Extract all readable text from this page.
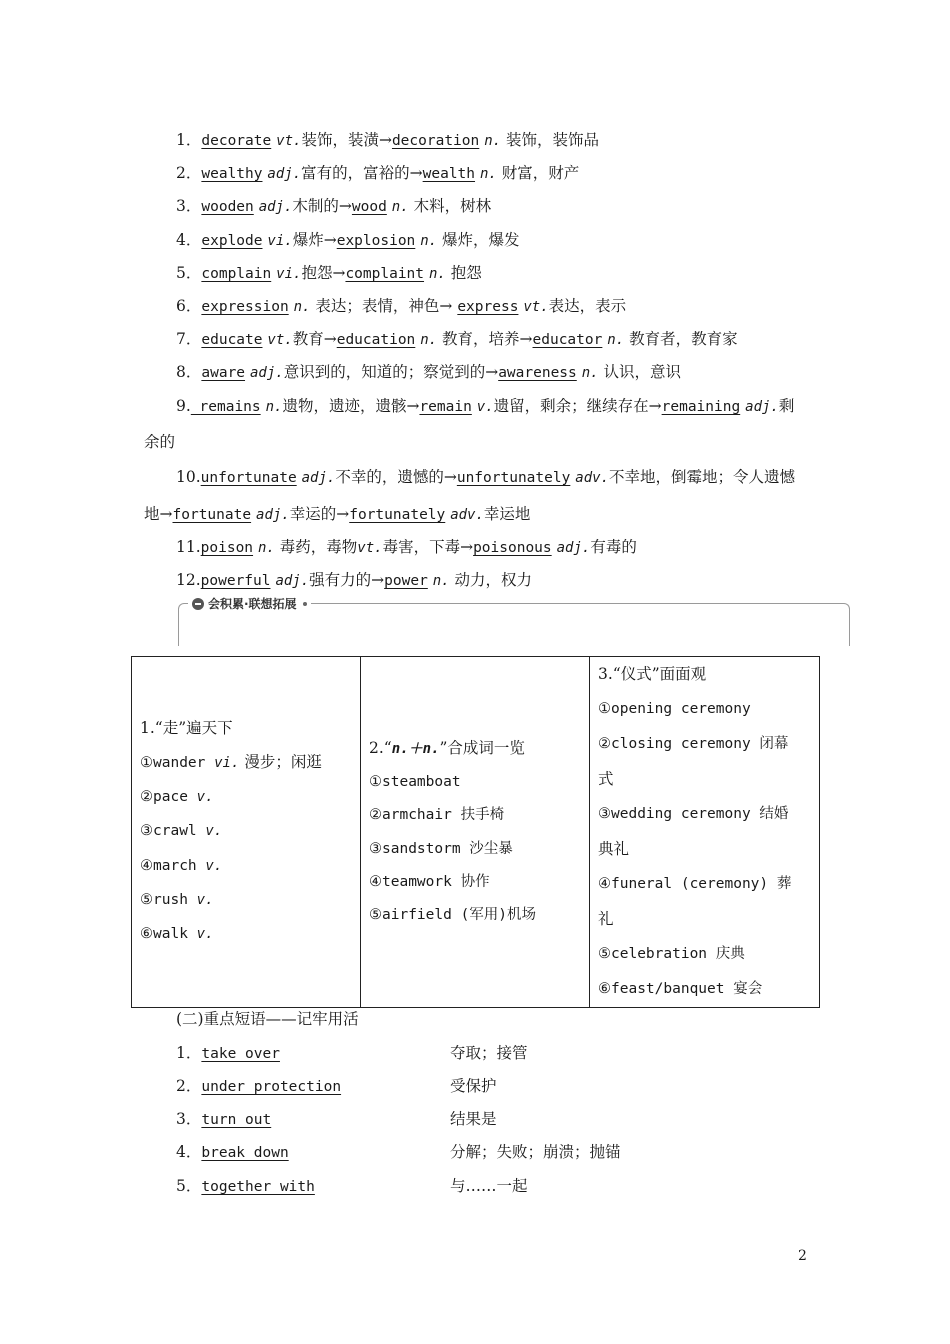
1．decorate vt.装饰，装潢→decoration n. 装饰，装饰品
2．wealthy adj.富有的，富裕的→wealth n. 财富，财产
3．wooden adj.木制的→wood n. 木料，树林
4．explode vi.爆炸→explosion n. 爆炸，爆发
5．complain vi.抱怨→complaint n. 抱怨
6．expression n. 表达；表情，神色→ express vt.表达，表示
7．educate vt.教育→education n. 教育，培养→educator n. 教育者，教育家
8．aware adj.意识到的，知道的；察觉到的→awareness n. 认识，意识
9. remains n.遗物，遗迹，遗骸→remain v.遗留，剩余；继续存在→remaining adj.剩
余的
10.unfortunate adj.不幸的，遗憾的→unfortunately adv.不幸地，倒霉地；令人遗憾
地→fortunate adj.幸运的→fortunately adv.幸运地
11.poison n. 毒药，毒物vt.毒害，下毒→poisonous adj.有毒的
12.powerful adj.强有力的→power n. 动力，权力
会积累·联想拓展
1.“走”遍天下
①wander vi. 漫步；闲逛
②pace v.
③crawl v.
④march v.
⑤rush v.
⑥walk v.

2.“n.＋n.”合成词一览
①steamboat
②armchair 扶手椅
③sandstorm 沙尘暴
④teamwork 协作
⑤airfield (军用)机场

3.“仪式”面面观
①opening ceremony
②closing ceremony 闭幕
式
③wedding ceremony 结婚
典礼
④funeral (ceremony) 葬
礼
⑤celebration 庆典
⑥feast/banquet 宴会
(二)重点短语——记牢用活
1．take over	夺取；接管
2．under protection	受保护
3．turn out	结果是
4．break down	分解；失败；崩溃；抛锚
5．together with	与……一起
2
